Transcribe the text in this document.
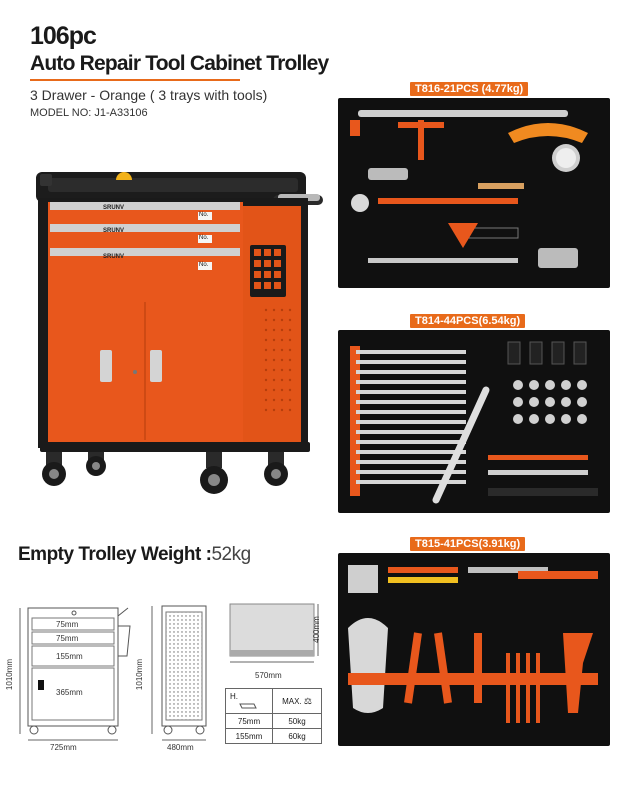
106pc
Auto Repair Tool Cabinet Trolley
3 Drawer - Orange ( 3 trays with tools)
MODEL NO: J1-A33106
SRUNV
SRUNV
SRUNV
No.
No.
No.
T816-21PCS (4.77kg)
T814-44PCS(6.54kg)
T815-41PCS(3.91kg)
Empty Trolley Weight :52kg
75mm
75mm
155mm
365mm
1010mm
725mm
1010mm
480mm
400mm
570mm
H.	MAX. ⚖
75mm	50kg
155mm	60kg
